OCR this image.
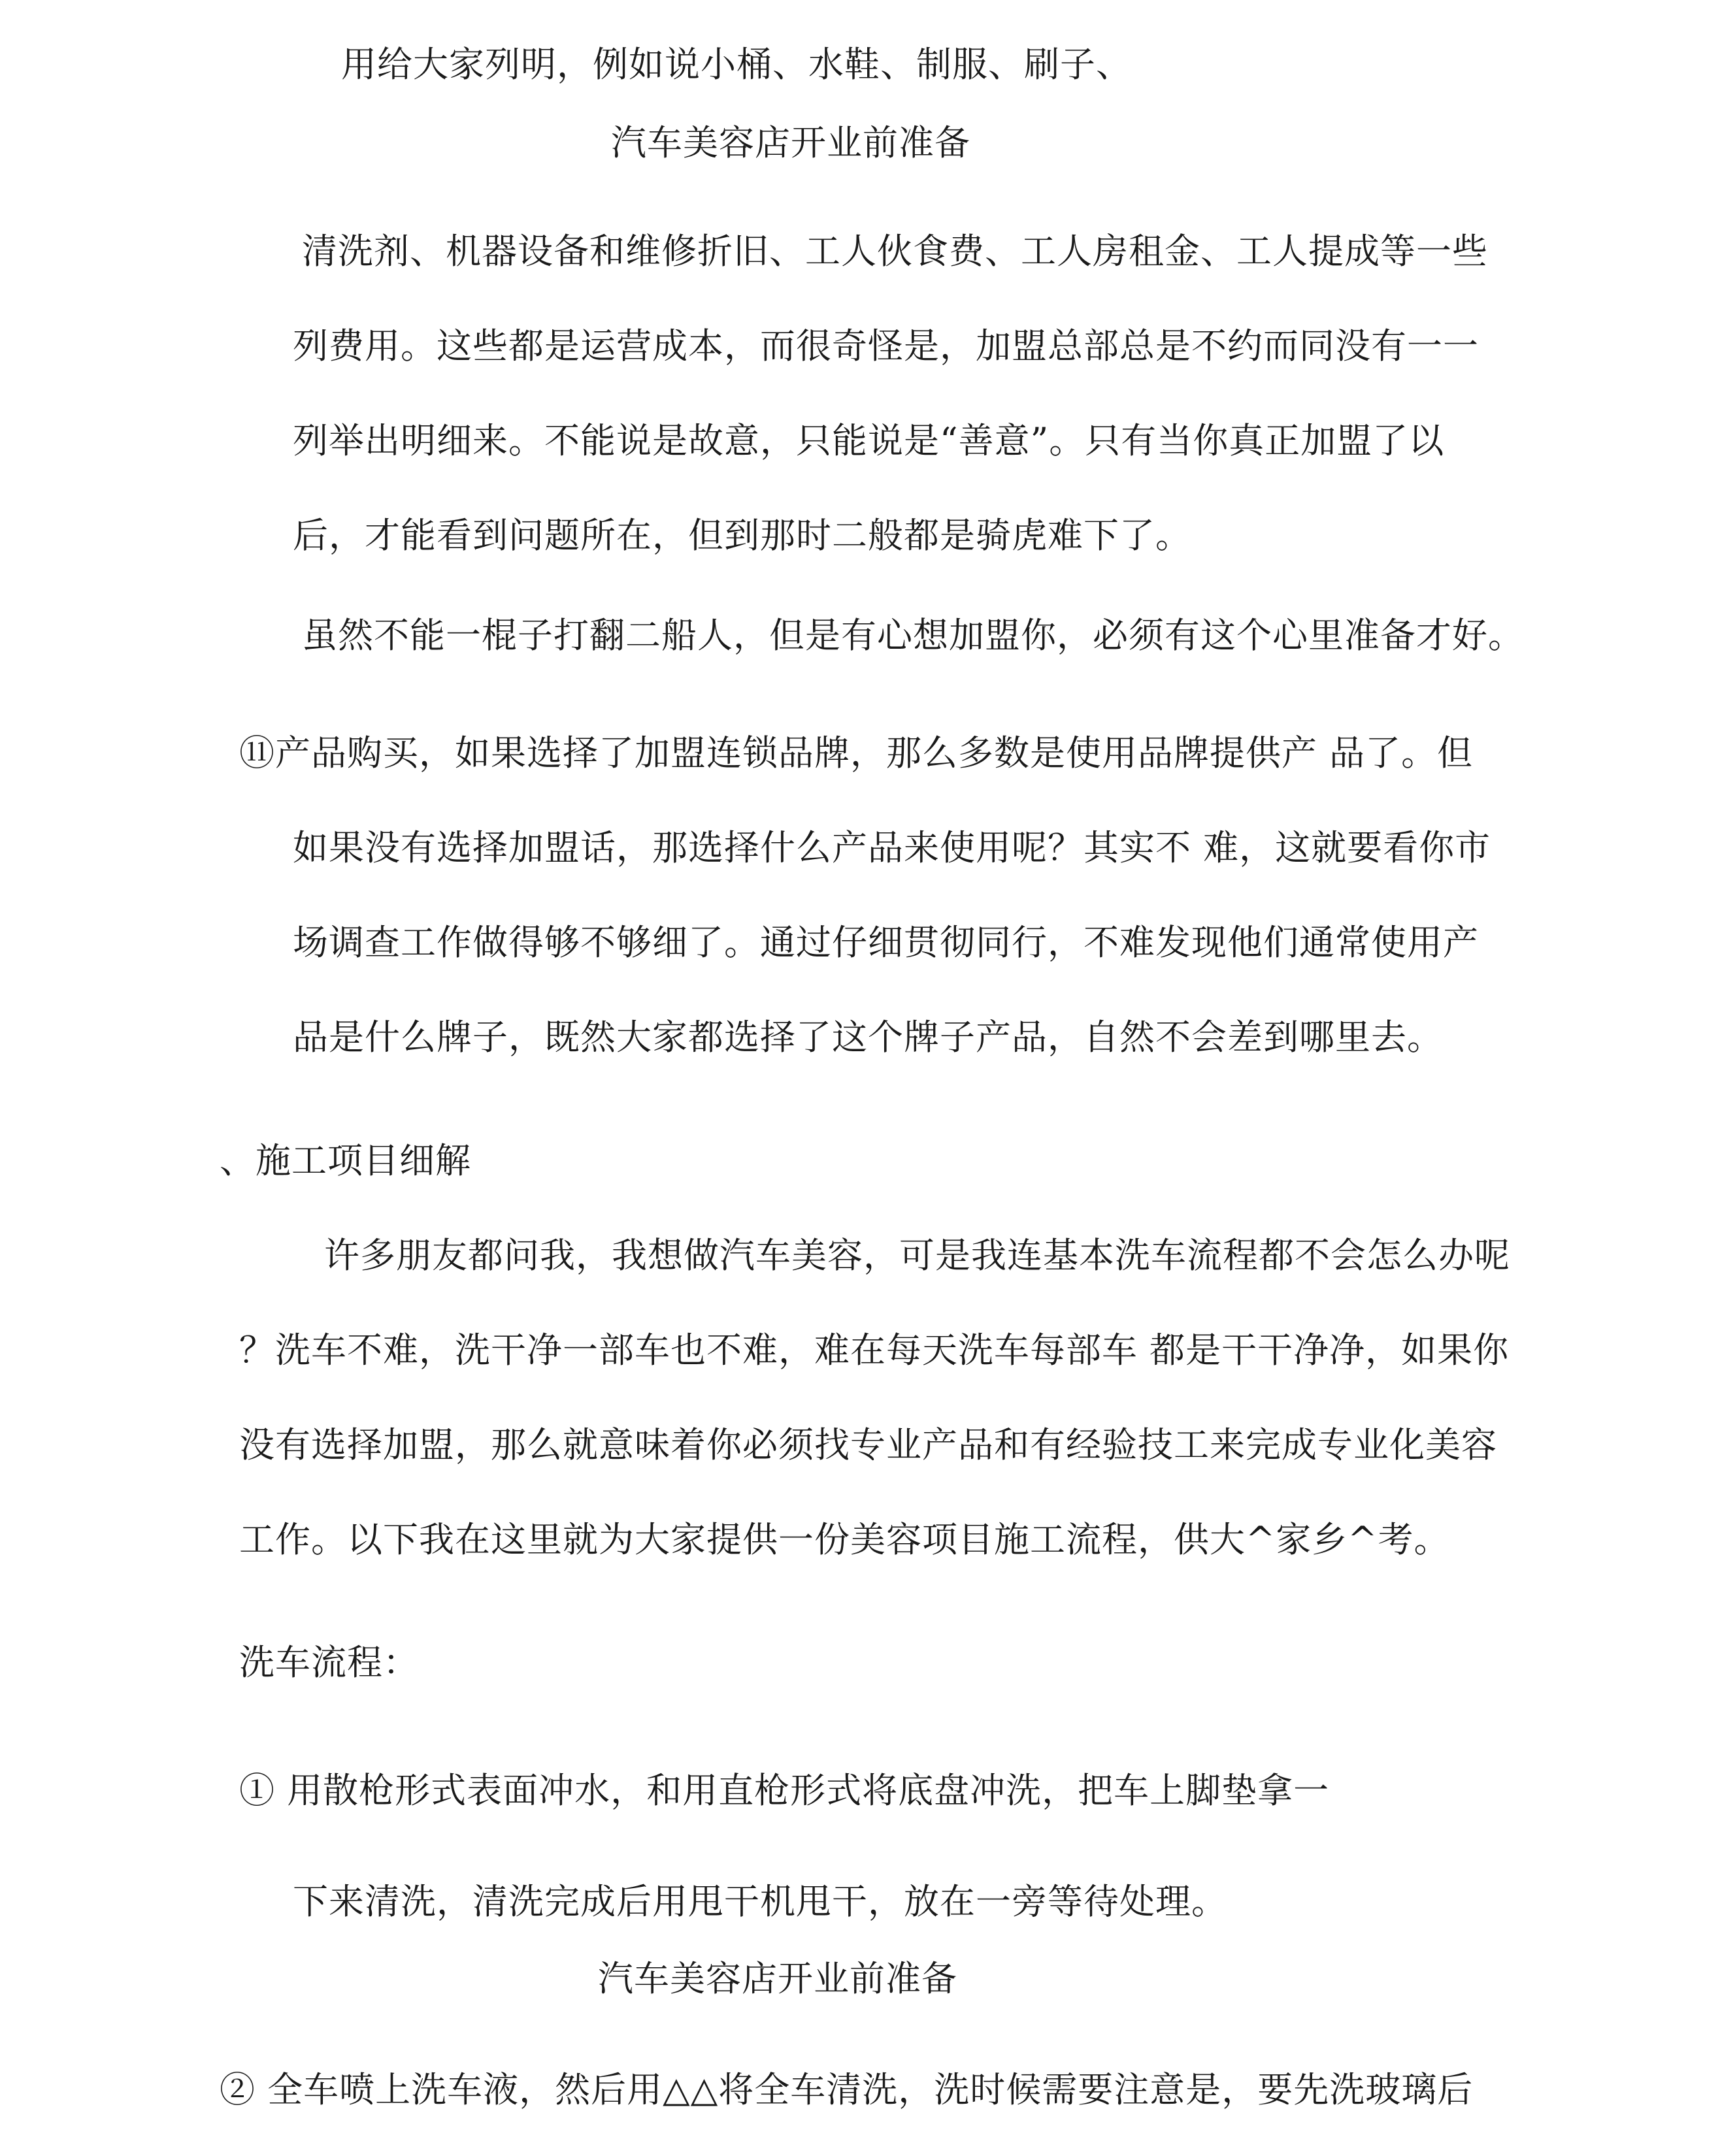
用给大家列明，例如说小桶、水鞋、制服、刷子、
汽车美容店开业前准备
清洗剂、机器设备和维修折旧、工人伙食费、工人房租金、工人提成等一些
列费用。这些都是运营成本，而很奇怪是，加盟总部总是不约而同没有一一
列举出明细来。不能说是故意，只能说是“善意”。只有当你真正加盟了以
后，才能看到问题所在，但到那时二般都是骑虎难下了。
虽然不能一棍子打翻二船人，但是有心想加盟你，必须有这个心里准备才好。
⑪产品购买，如果选择了加盟连锁品牌，那么多数是使用品牌提供产 品了。但
如果没有选择加盟话，那选择什么产品来使用呢？其实不 难，这就要看你市
场调查工作做得够不够细了。通过仔细贯彻同行，不难发现他们通常使用产
品是什么牌子，既然大家都选择了这个牌子产品，自然不会差到哪里去。
、施工项目细解
许多朋友都问我，我想做汽车美容，可是我连基本洗车流程都不会怎么办呢
？洗车不难，洗干净一部车也不难，难在每天洗车每部车 都是干干净净，如果你
没有选择加盟，那么就意味着你必须找专业产品和有经验技工来完成专业化美容
工作。以下我在这里就为大家提供一份美容项目施工流程，供大^家乡^考。
洗车流程：
① 用散枪形式表面冲水，和用直枪形式将底盘冲洗，把车上脚垫拿一
下来清洗，清洗完成后用甩干机甩干，放在一旁等待处理。
汽车美容店开业前准备
② 全车喷上洗车液，然后用△△将全车清洗，洗时候需要注意是，要先洗玻璃后
